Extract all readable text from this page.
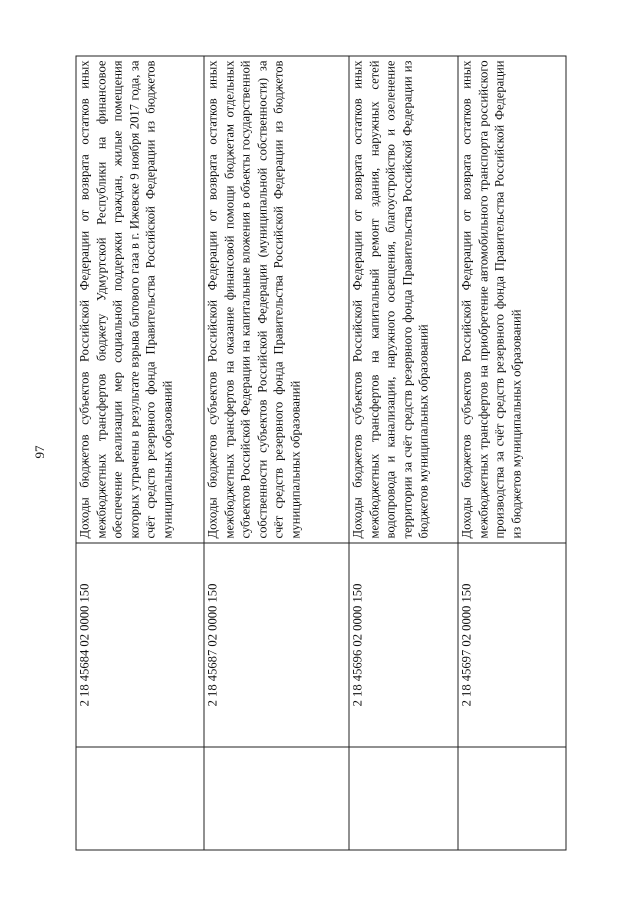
97
	2 18 45684 02 0000 150	Доходы бюджетов субъектов Российской Федерации от возврата остатков иных межбюджетных трансфертов бюджету Удмуртской Республики на финансовое обеспечение реализации мер социальной поддержки граждан, жилые помещения которых утрачены в результате взрыва бытового газа в г. Ижевске 9 ноября 2017 года, за счёт средств резервного фонда Правительства Российской Федерации из бюджетов муниципальных образований
	2 18 45687 02 0000 150	Доходы бюджетов субъектов Российской Федерации от возврата остатков иных межбюджетных трансфертов на оказание финансовой помощи бюджетам отдельных субъектов Российской Федерации на капитальные вложения в объекты государственной собственности субъектов Российской Федерации (муниципальной собственности) за счёт средств резервного фонда Правительства Российской Федерации из бюджетов муниципальных образований
	2 18 45696 02 0000 150	Доходы бюджетов субъектов Российской Федерации от возврата остатков иных межбюджетных трансфертов на капитальный ремонт здания, наружных сетей водопровода и канализации, наружного освещения, благоустройство и озеленение территории за счёт средств резервного фонда Правительства Российской Федерации из бюджетов муниципальных образований
	2 18 45697 02 0000 150	Доходы бюджетов субъектов Российской Федерации от возврата остатков иных межбюджетных трансфертов на приобретение автомобильного транспорта российского производства за счёт средств резервного фонда Правительства Российской Федерации из бюджетов муниципальных образований
